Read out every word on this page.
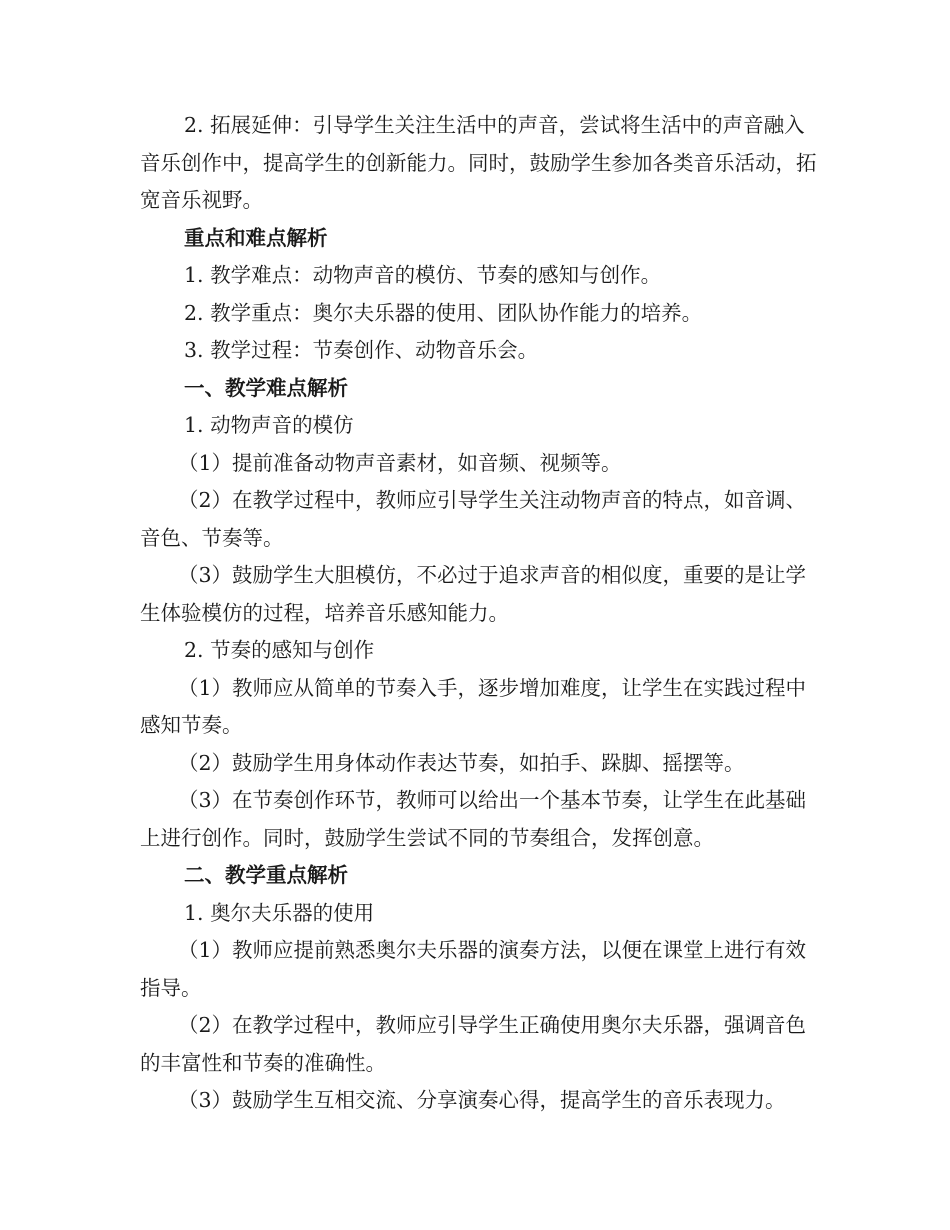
2. 拓展延伸：引导学生关注生活中的声音，尝试将生活中的声音融入音乐创作中，提高学生的创新能力。同时，鼓励学生参加各类音乐活动，拓宽音乐视野。

重点和难点解析

1. 教学难点：动物声音的模仿、节奏的感知与创作。

2. 教学重点：奥尔夫乐器的使用、团队协作能力的培养。

3. 教学过程：节奏创作、动物音乐会。

一、教学难点解析

1. 动物声音的模仿

（1）提前准备动物声音素材，如音频、视频等。

（2）在教学过程中，教师应引导学生关注动物声音的特点，如音调、音色、节奏等。

（3）鼓励学生大胆模仿，不必过于追求声音的相似度，重要的是让学生体验模仿的过程，培养音乐感知能力。

2. 节奏的感知与创作

（1）教师应从简单的节奏入手，逐步增加难度，让学生在实践过程中感知节奏。

（2）鼓励学生用身体动作表达节奏，如拍手、跺脚、摇摆等。

（3）在节奏创作环节，教师可以给出一个基本节奏，让学生在此基础上进行创作。同时，鼓励学生尝试不同的节奏组合，发挥创意。

二、教学重点解析

1. 奥尔夫乐器的使用

（1）教师应提前熟悉奥尔夫乐器的演奏方法，以便在课堂上进行有效指导。

（2）在教学过程中，教师应引导学生正确使用奥尔夫乐器，强调音色的丰富性和节奏的准确性。

（3）鼓励学生互相交流、分享演奏心得，提高学生的音乐表现力。
